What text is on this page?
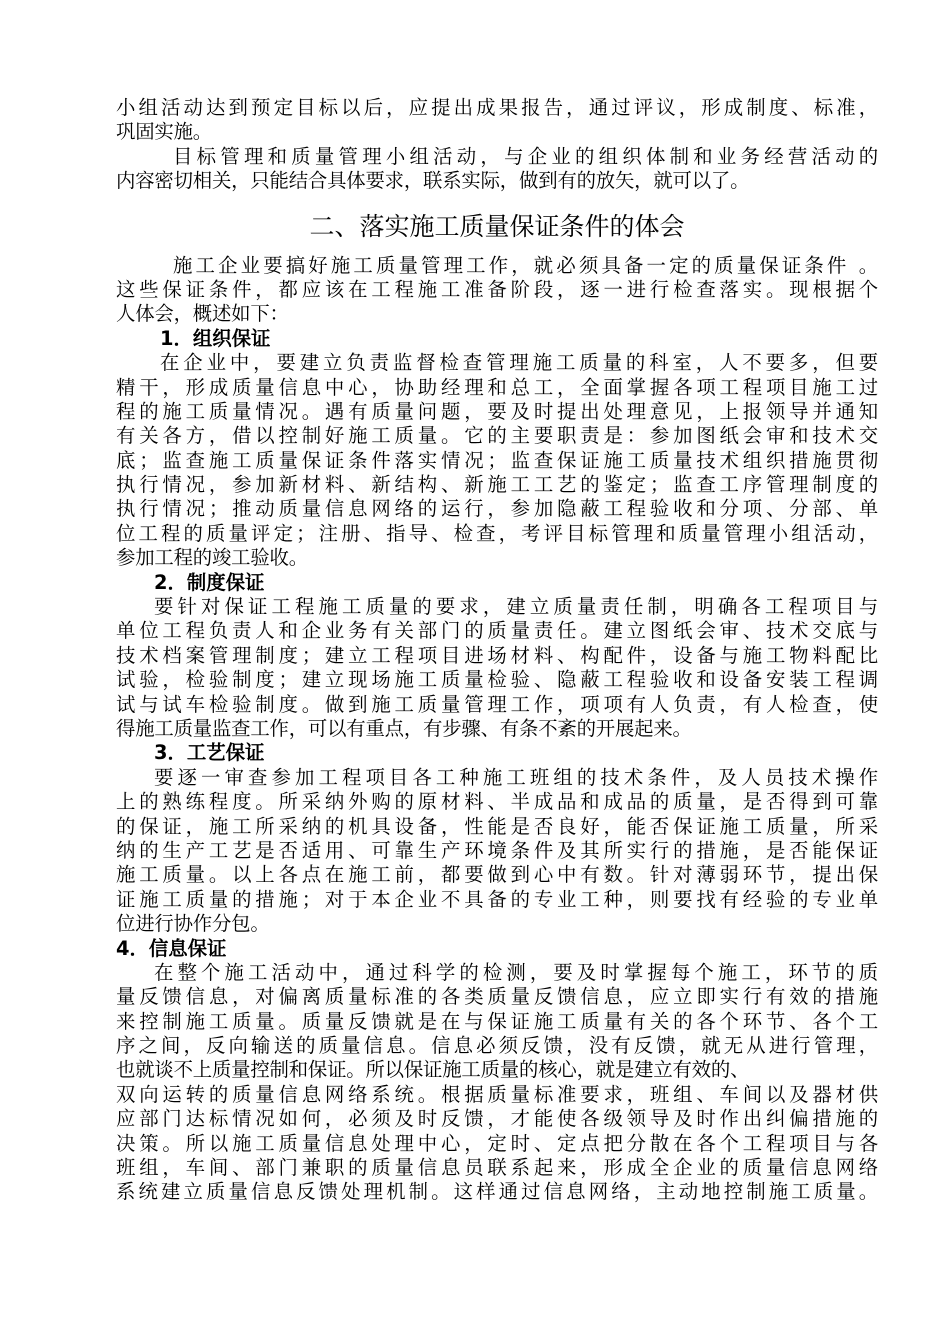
小组活动达到预定目标以后，应提出成果报告，通过评议，形成制度、标准，
巩固实施。
目标管理和质量管理小组活动，与企业的组织体制和业务经营活动的
内容密切相关，只能结合具体要求，联系实际，做到有的放矢，就可以了。
二、落实施工质量保证条件的体会
施工企业要搞好施工质量管理工作，就必须具备一定的质量保证条件 。
这些保证条件，都应该在工程施工准备阶段，逐一进行检查落实。现根据个
人体会，概述如下：
1．组织保证
在企业中，要建立负责监督检查管理施工质量的科室，人不要多，但要
精干，形成质量信息中心，协助经理和总工，全面掌握各项工程项目施工过
程的施工质量情况。遇有质量问题，要及时提出处理意见，上报领导并通知
有关各方，借以控制好施工质量。它的主要职责是：参加图纸会审和技术交
底；监查施工质量保证条件落实情况；监查保证施工质量技术组织措施贯彻
执行情况，参加新材料、新结构、新施工工艺的鉴定；监查工序管理制度的
执行情况；推动质量信息网络的运行，参加隐蔽工程验收和分项、分部、单
位工程的质量评定；注册、指导、检查，考评目标管理和质量管理小组活动，
参加工程的竣工验收。
2．制度保证
要针对保证工程施工质量的要求，建立质量责任制，明确各工程项目与
单位工程负责人和企业务有关部门的质量责任。建立图纸会审、技术交底与
技术档案管理制度；建立工程项目进场材料、构配件，设备与施工物料配比
试验，检验制度；建立现场施工质量检验、隐蔽工程验收和设备安装工程调
试与试车检验制度。做到施工质量管理工作，项项有人负责，有人检查，使
得施工质量监查工作，可以有重点，有步骤、有条不紊的开展起来。
3．工艺保证
要逐一审查参加工程项目各工种施工班组的技术条件，及人员技术操作
上的熟练程度。所采纳外购的原材料、半成品和成品的质量，是否得到可靠
的保证，施工所采纳的机具设备，性能是否良好，能否保证施工质量，所采
纳的生产工艺是否适用、可靠生产环境条件及其所实行的措施，是否能保证
施工质量。以上各点在施工前，都要做到心中有数。针对薄弱环节，提出保
证施工质量的措施；对于本企业不具备的专业工种，则要找有经验的专业单
位进行协作分包。
4．信息保证
在整个施工活动中，通过科学的检测，要及时掌握每个施工，环节的质
量反馈信息，对偏离质量标准的各类质量反馈信息，应立即实行有效的措施
来控制施工质量。质量反馈就是在与保证施工质量有关的各个环节、各个工
序之间，反向输送的质量信息。信息必须反馈，没有反馈，就无从进行管理，
也就谈不上质量控制和保证。所以保证施工质量的核心，就是建立有效的、
双向运转的质量信息网络系统。根据质量标准要求，班组、车间以及器材供
应部门达标情况如何，必须及时反馈，才能使各级领导及时作出纠偏措施的
决策。所以施工质量信息处理中心，定时、定点把分散在各个工程项目与各
班组，车间、部门兼职的质量信息员联系起来，形成全企业的质量信息网络
系统建立质量信息反馈处理机制。这样通过信息网络，主动地控制施工质量。
